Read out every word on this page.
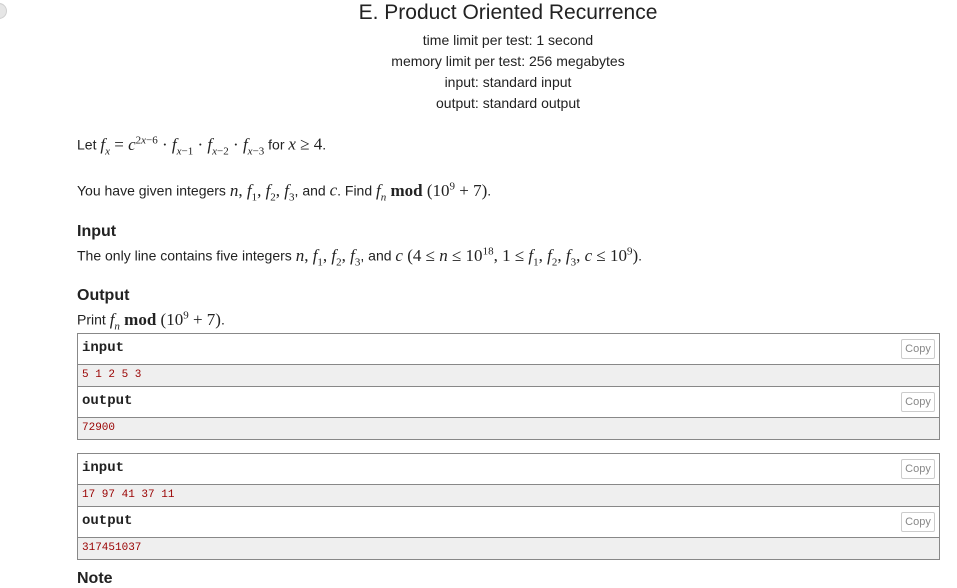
E. Product Oriented Recurrence
time limit per test: 1 second
memory limit per test: 256 megabytes
input: standard input
output: standard output

Let $f_x = c^{2x-6} \cdot f_{x-1} \cdot f_{x-2} \cdot f_{x-3}$ for x ≥ 4.

You have given integers n, $f_1$, $f_2$, $f_3$, and c. Find $f_n$ mod $(10^9 + 7)$.

Input

The only line contains five integers n, $f_1$, $f_2$, $f_3$, and c ($4 \le n \le 10^{18}$, $1 \le f_1$, $f_2$, $f_3$, $c \le 10^9$).

Output

Print $f_n$ mod $(10^9 + 7)$.

input	Copy
5 1 2 5 3
output	Copy
72900
input	Copy
17 97 41 37 11
output	Copy
317451037
Note
